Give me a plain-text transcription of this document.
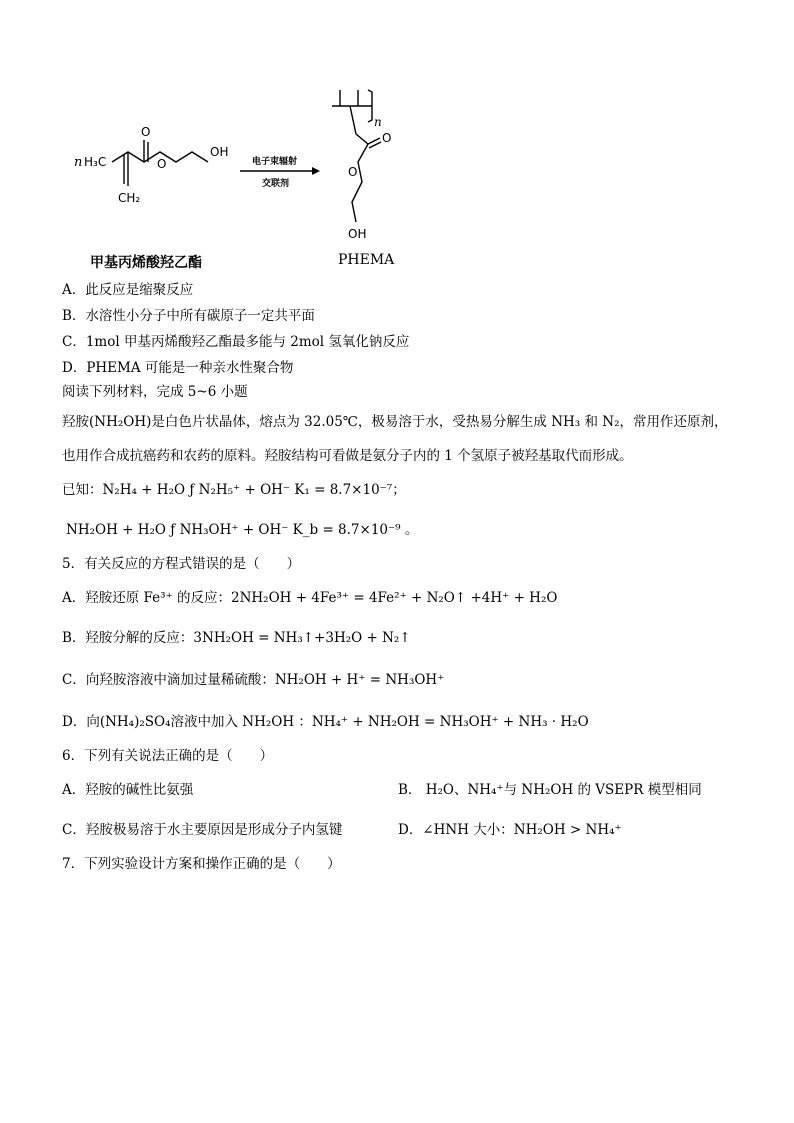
n H₃C
O
CH₂
O
OH
电子束辐射
交联剂
n
O
O
OH
甲基丙烯酸羟乙酯	PHEMA
A．此反应是缩聚反应
B．水溶性小分子中所有碳原子一定共平面
C．1mol 甲基丙烯酸羟乙酯最多能与 2mol 氢氧化钠反应
D．PHEMA 可能是一种亲水性聚合物
阅读下列材料，完成 5~6 小题
羟胺(NH₂OH)是白色片状晶体，熔点为 32.05℃，极易溶于水，受热易分解生成 NH₃ 和 N₂，常用作还原剂，
也用作合成抗癌药和农药的原料。羟胺结构可看做是氨分子内的 1 个氢原子被羟基取代而形成。
已知：N₂H₄ + H₂O ƒ N₂H₅⁺ + OH⁻ K₁ = 8.7×10⁻⁷；
NH₂OH + H₂O ƒ NH₃OH⁺ + OH⁻ K_b = 8.7×10⁻⁹ 。
5．有关反应的方程式错误的是（　　）
A．羟胺还原 Fe³⁺ 的反应：2NH₂OH + 4Fe³⁺ = 4Fe²⁺ + N₂O↑ +4H⁺ + H₂O
B．羟胺分解的反应：3NH₂OH = NH₃↑+3H₂O + N₂↑
C．向羟胺溶液中滴加过量稀硫酸：NH₂OH + H⁺ = NH₃OH⁺
D．向(NH₄)₂SO₄溶液中加入 NH₂OH ：NH₄⁺ + NH₂OH = NH₃OH⁺ + NH₃ · H₂O
6．下列有关说法正确的是（　　）
A．羟胺的碱性比氨强	B． H₂O、NH₄⁺与 NH₂OH 的 VSEPR 模型相同
C．羟胺极易溶于水主要原因是形成分子内氢键	D．∠HNH 大小：NH₂OH > NH₄⁺
7．下列实验设计方案和操作正确的是（　　）
